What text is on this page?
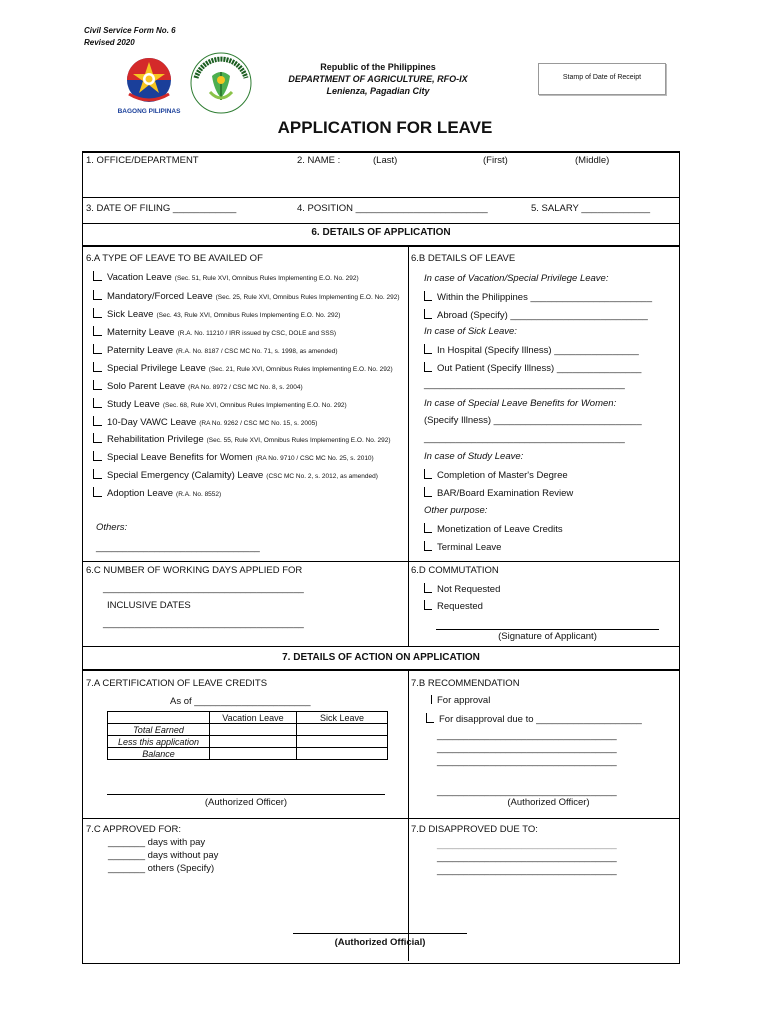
Civil Service Form No. 6
Revised 2020
BAGONG PILIPINAS
Republic of the Philippines
DEPARTMENT OF AGRICULTURE, RFO-IX
Lenienza, Pagadian City
Stamp of Date of Receipt
APPLICATION FOR LEAVE
1. OFFICE/DEPARTMENT	2. NAME :	(Last)	(First)	(Middle)
3. DATE OF FILING ____________	4. POSITION _________________________	5. SALARY _____________
6. DETAILS OF APPLICATION
6.A TYPE OF LEAVE TO BE AVAILED OF	6.B DETAILS OF LEAVE
Vacation Leave (Sec. 51, Rule XVI, Omnibus Rules Implementing E.O. No. 292)
Mandatory/Forced Leave (Sec. 25, Rule XVI, Omnibus Rules Implementing E.O. No. 292)
Sick Leave (Sec. 43, Rule XVI, Omnibus Rules Implementing E.O. No. 292)
Maternity Leave (R.A. No. 11210 / IRR issued by CSC, DOLE and SSS)
Paternity Leave (R.A. No. 8187 / CSC MC No. 71, s. 1998, as amended)
Special Privilege Leave (Sec. 21, Rule XVI, Omnibus Rules Implementing E.O. No. 292)
Solo Parent Leave (RA No. 8972 / CSC MC No. 8, s. 2004)
Study Leave (Sec. 68, Rule XVI, Omnibus Rules Implementing E.O. No. 292)
10-Day VAWC Leave (RA No. 9262 / CSC MC No. 15, s. 2005)
Rehabilitation Privilege (Sec. 55, Rule XVI, Omnibus Rules Implementing E.O. No. 292)
Special Leave Benefits for Women (RA No. 9710 / CSC MC No. 25, s. 2010)
Special Emergency (Calamity) Leave (CSC MC No. 2, s. 2012, as amended)
Adoption Leave (R.A. No. 8552)
Others:
_______________________________
In case of Vacation/Special Privilege Leave:
Within the Philippines _______________________
Abroad (Specify) __________________________
In case of Sick Leave:
In Hospital (Specify Illness) ________________
Out Patient (Specify Illness) ________________
______________________________________
In case of Special Leave Benefits for Women:
(Specify Illness) ____________________________
______________________________________
In case of Study Leave:
Completion of Master's Degree
BAR/Board Examination Review
Other purpose:
Monetization of Leave Credits
Terminal Leave
6.C NUMBER OF WORKING DAYS APPLIED FOR
______________________________________
INCLUSIVE DATES
______________________________________
6.D COMMUTATION
Not Requested
Requested
(Signature of Applicant)
7. DETAILS OF ACTION ON APPLICATION
7.A CERTIFICATION OF LEAVE CREDITS
As of ______________________
	Vacation Leave	Sick Leave
Total Earned		
Less this application		
Balance		
(Authorized Officer)
7.B RECOMMENDATION
For approval
For disapproval due to ____________________
__________________________________
__________________________________
__________________________________
__________________________________
(Authorized Officer)
7.C APPROVED FOR:
_______ days with pay
_______ days without pay
_______ others (Specify)
7.D DISAPPROVED DUE TO:
__________________________________
__________________________________
__________________________________
(Authorized Official)
